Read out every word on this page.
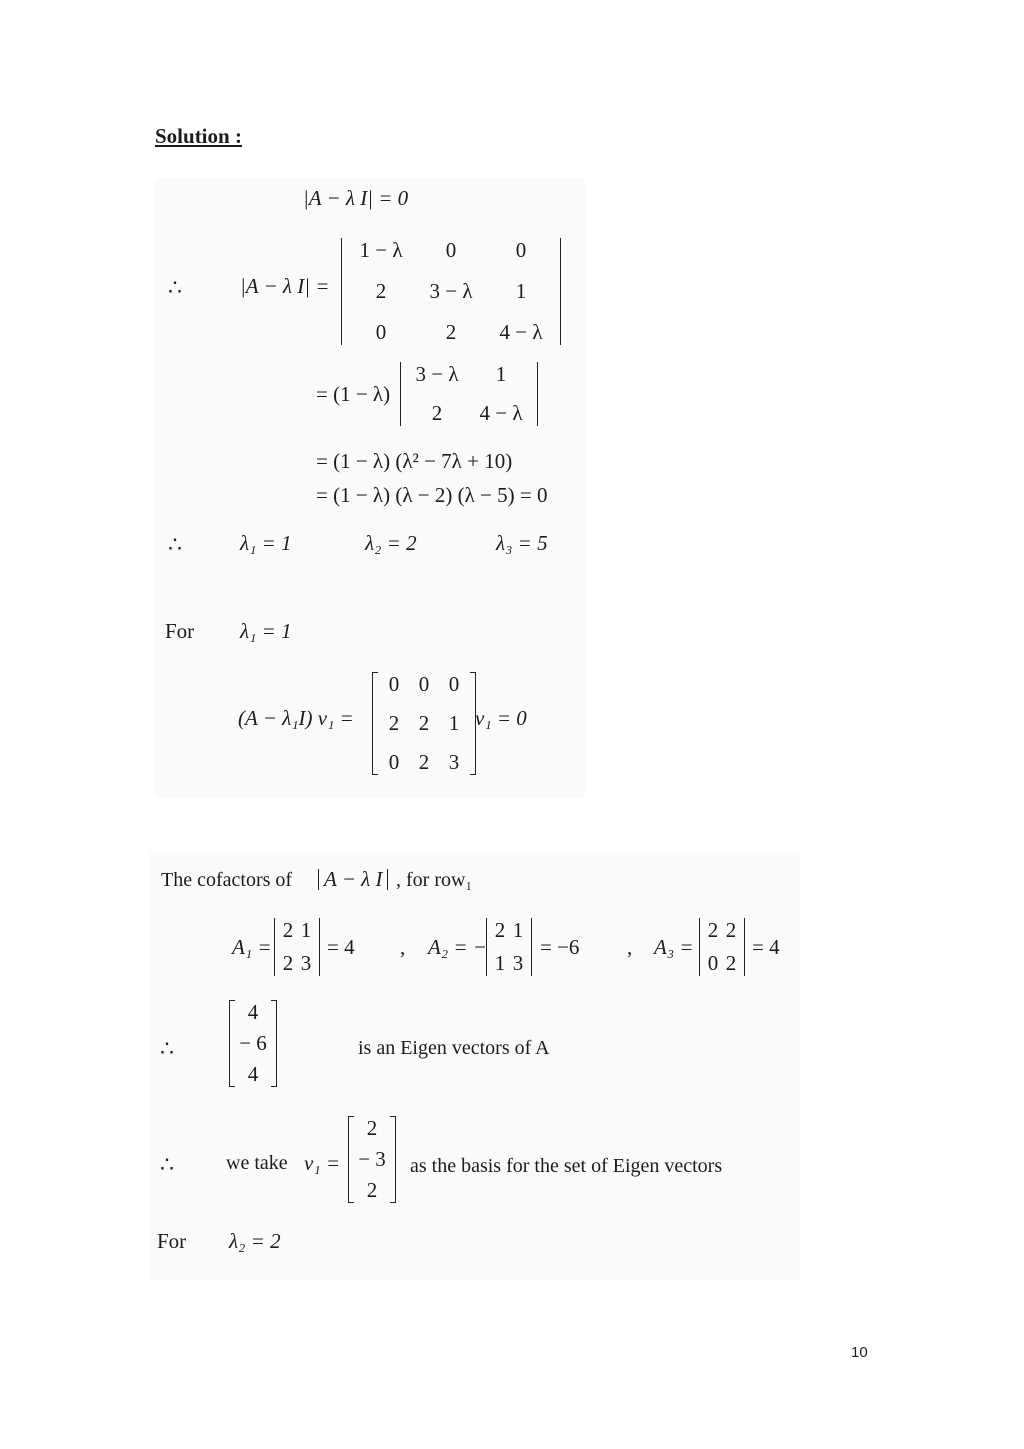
Solution :
|A − λ I| = 0
∴	|A − λ I| =
1 − λ	0	0
2	3 − λ	1
0	2	4 − λ
= (1 − λ)
3 − λ	1
2	4 − λ
= (1 − λ) (λ² − 7λ + 10)
= (1 − λ) (λ − 2) (λ − 5) = 0
∴	λ₁ = 1	λ₂ = 2	λ₃ = 5
For λ₁ = 1
(A − λ₁I) v₁ =
0 0 0
2 2 1
0 2 3
v₁ = 0
The cofactors of A − λ I , for row₁
A₁ =
2 1
2 3
= 4 , A₂ = −
2 1
1 3
= −6 , A₃ =
2 2
0 2
= 4
∴
4
− 6
4
is an Eigen vectors of A
∴	we take v₁ =
2
− 3
2
as the basis for the set of Eigen vectors
For λ₂ = 2
10
